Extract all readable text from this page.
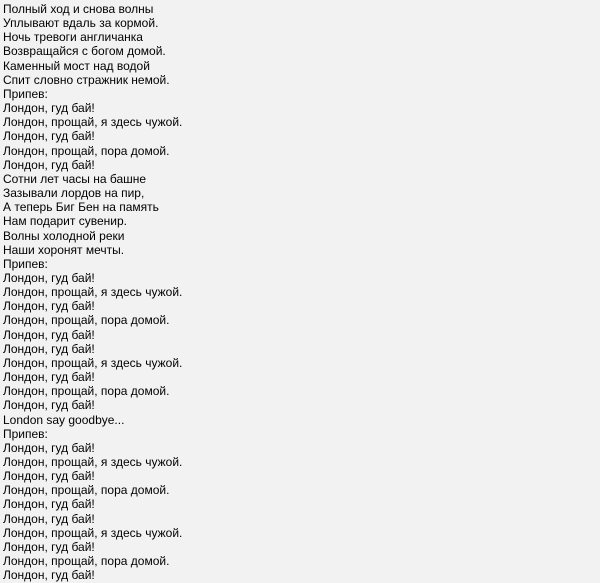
Полный ход и снова волны
Уплывают вдаль за кормой.
Ночь тревоги англичанка
Возвращайся с богом домой.
Каменный мост над водой
Спит словно стражник немой.
Припев:
Лондон, гуд бай!
Лондон, прощай, я здесь чужой.
Лондон, гуд бай!
Лондон, прощай, пора домой.
Лондон, гуд бай!
Сотни лет часы на башне
Зазывали лордов на пир,
А теперь Биг Бен на память
Нам подарит сувенир.
Волны холодной реки
Наши хоронят мечты.
Припев:
Лондон, гуд бай!
Лондон, прощай, я здесь чужой.
Лондон, гуд бай!
Лондон, прощай, пора домой.
Лондон, гуд бай!
Лондон, гуд бай!
Лондон, прощай, я здесь чужой.
Лондон, гуд бай!
Лондон, прощай, пора домой.
Лондон, гуд бай!
London say goodbye...
Припев:
Лондон, гуд бай!
Лондон, прощай, я здесь чужой.
Лондон, гуд бай!
Лондон, прощай, пора домой.
Лондон, гуд бай!
Лондон, гуд бай!
Лондон, прощай, я здесь чужой.
Лондон, гуд бай!
Лондон, прощай, пора домой.
Лондон, гуд бай!
